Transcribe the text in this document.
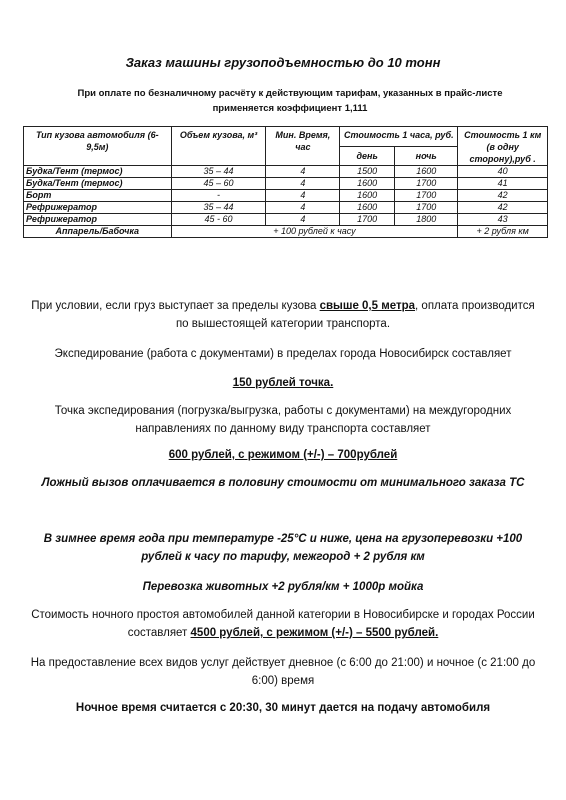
Заказ машины грузоподъемностью до 10 тонн
При оплате по безналичному расчёту к действующим тарифам, указанных в прайс-листе
применяется коэффициент 1,111
Тип кузова автомобиля (6-9,5м)	Объем кузова, м³	Мин. Время, час	Стоимость 1 часа, руб.		Стоимость 1 км (в одну сторону),руб .
			день	ночь	
Будка/Тент (термос)	35 – 44	4	1500	1600	40
Будка/Тент (термос)	45 – 60	4	1600	1700	41
Борт	-	4	1600	1700	42
Рефрижератор	35 – 44	4	1600	1700	42
Рефрижератор	45 - 60	4	1700	1800	43
Аппарель/Бабочка	+ 100 рублей к часу				+ 2 рубля км
При условии, если груз выступает за пределы кузова свыше 0,5 метра, оплата производится по вышестоящей категории транспорта.
Экспедирование (работа с документами) в пределах города Новосибирск составляет
150 рублей точка.
Точка экспедирования (погрузка/выгрузка, работы с документами) на междугородних направлениях по данному виду транспорта составляет
600 рублей, с режимом (+/-) – 700рублей
Ложный вызов оплачивается в половину стоимости от минимального заказа ТС
В зимнее время года при температуре -25°С и ниже, цена на грузоперевозки +100 рублей к часу по тарифу, межгород + 2 рубля км
Перевозка животных +2 рубля/км + 1000р мойка
Стоимость ночного простоя автомобилей данной категории в Новосибирске и городах России составляет 4500 рублей, с режимом (+/-) – 5500 рублей.
На предоставление всех видов услуг действует дневное (с 6:00 до 21:00) и ночное (с 21:00 до 6:00) время
Ночное время считается с 20:30, 30 минут дается на подачу автомобиля
